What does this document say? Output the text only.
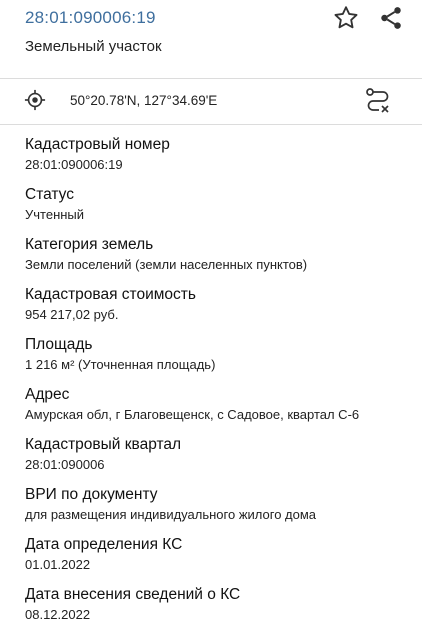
28:01:090006:19
Земельный участок
50°20.78'N, 127°34.69'E

Кадастровый номер

28:01:090006:19

Статус

Учтенный

Категория земель

Земли поселений (земли населенных пунктов)

Кадастровая стоимость

954 217,02 руб.

Площадь

1 216 м² (Уточненная площадь)

Адрес

Амурская обл, г Благовещенск, с Садовое, квартал С-6

Кадастровый квартал

28:01:090006

ВРИ по документу

для размещения индивидуального жилого дома

Дата определения КС

01.01.2022

Дата внесения сведений о КС

08.12.2022
